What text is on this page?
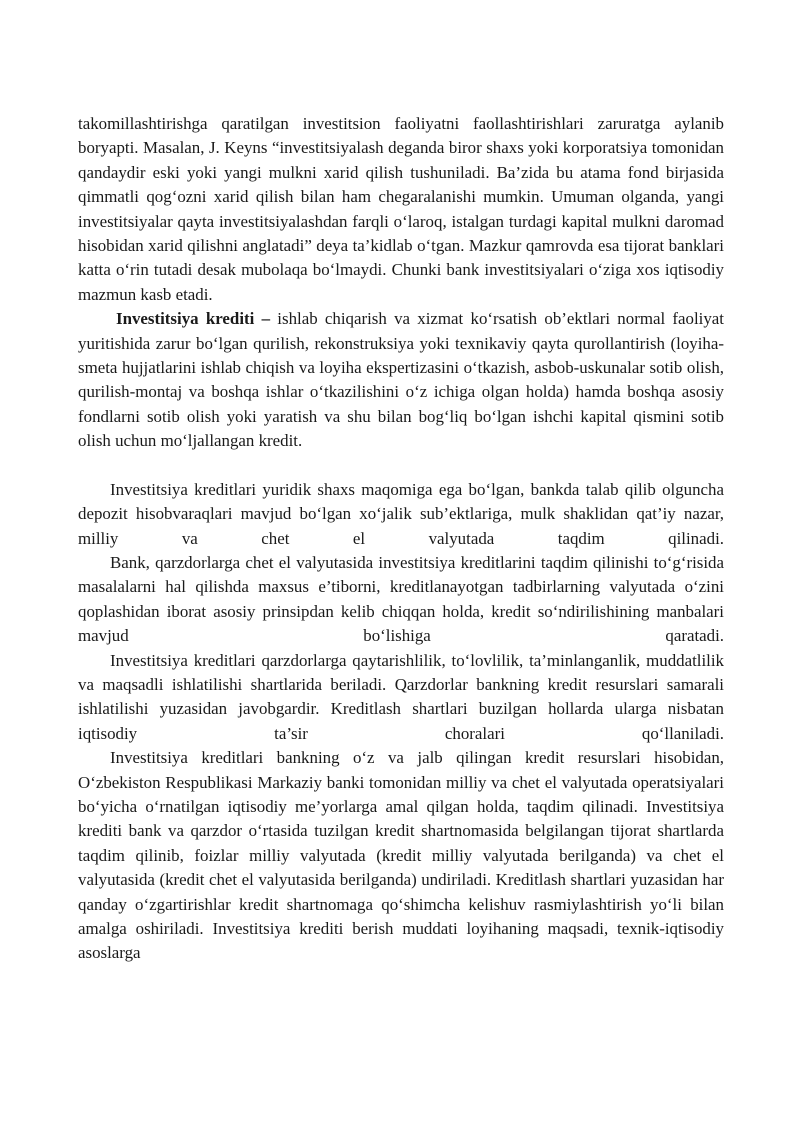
takomillashtirishga qaratilgan investitsion faoliyatni faollashtirishlari zaruratga aylanib boryapti. Masalan, J. Keyns “investitsiyalash deganda biror shaxs yoki korporatsiya tomonidan qandaydir eski yoki yangi mulkni xarid qilish tushuniladi. Ba’zida bu atama fond birjasida qimmatli qog‘ozni xarid qilish bilan ham chegaralanishi mumkin. Umuman olganda, yangi investitsiyalar qayta investitsiyalashdan farqli o‘laroq, istalgan turdagi kapital mulkni daromad hisobidan xarid qilishni anglatadi” deya ta’kidlab o‘tgan. Mazkur qamrovda esa tijorat banklari katta o‘rin tutadi desak mubolaqa bo‘lmaydi. Chunki bank investitsiyalari o‘ziga xos iqtisodiy mazmun kasb etadi.

Investitsiya krediti – ishlab chiqarish va xizmat ko‘rsatish ob’ektlari normal faoliyat yuritishida zarur bo‘lgan qurilish, rekonstruksiya yoki texnikaviy qayta qurollantirish (loyiha-smeta hujjatlarini ishlab chiqish va loyiha ekspertizasini o‘tkazish, asbob-uskunalar sotib olish, qurilish-montaj va boshqa ishlar o‘tkazilishini o‘z ichiga olgan holda) hamda boshqa asosiy fondlarni sotib olish yoki yaratish va shu bilan bog‘liq bo‘lgan ishchi kapital qismini sotib olish uchun mo‘ljallangan kredit.

Investitsiya kreditlari yuridik shaxs maqomiga ega bo‘lgan, bankda talab qilib olguncha depozit hisobvaraqlari mavjud bo‘lgan xo‘jalik sub’ektlariga, mulk shaklidan qat’iy nazar, milliy va chet el valyutada taqdim qilinadi.
Bank, qarzdorlarga chet el valyutasida investitsiya kreditlarini taqdim qilinishi to‘g‘risida masalalarni hal qilishda maxsus e’tiborni, kreditlanayotgan tadbirlarning valyutada o‘zini qoplashidan iborat asosiy prinsipdan kelib chiqqan holda, kredit so‘ndirilishining manbalari mavjud bo‘lishiga qaratadi.
Investitsiya kreditlari qarzdorlarga qaytarishlilik, to‘lovlilik, ta’minlanganlik, muddatlilik va maqsadli ishlatilishi shartlarida beriladi. Qarzdorlar bankning kredit resurslari samarali ishlatilishi yuzasidan javobgardir. Kreditlash shartlari buzilgan hollarda ularga nisbatan iqtisodiy ta’sir choralari qo‘llaniladi.
Investitsiya kreditlari bankning o‘z va jalb qilingan kredit resurslari hisobidan, O‘zbekiston Respublikasi Markaziy banki tomonidan milliy va chet el valyutada operatsiyalari bo‘yicha o‘rnatilgan iqtisodiy me’yorlarga amal qilgan holda, taqdim qilinadi. Investitsiya krediti bank va qarzdor o‘rtasida tuzilgan kredit shartnomasida belgilangan tijorat shartlarda taqdim qilinib, foizlar milliy valyutada (kredit milliy valyutada berilganda) va chet el valyutasida (kredit chet el valyutasida berilganda) undiriladi. Kreditlash shartlari yuzasidan har qanday o‘zgartirishlar kredit shartnomaga qo‘shimcha kelishuv rasmiylashtirish yo‘li bilan amalga oshiriladi. Investitsiya krediti berish muddati loyihaning maqsadi, texnik-iqtisodiy asoslarga
